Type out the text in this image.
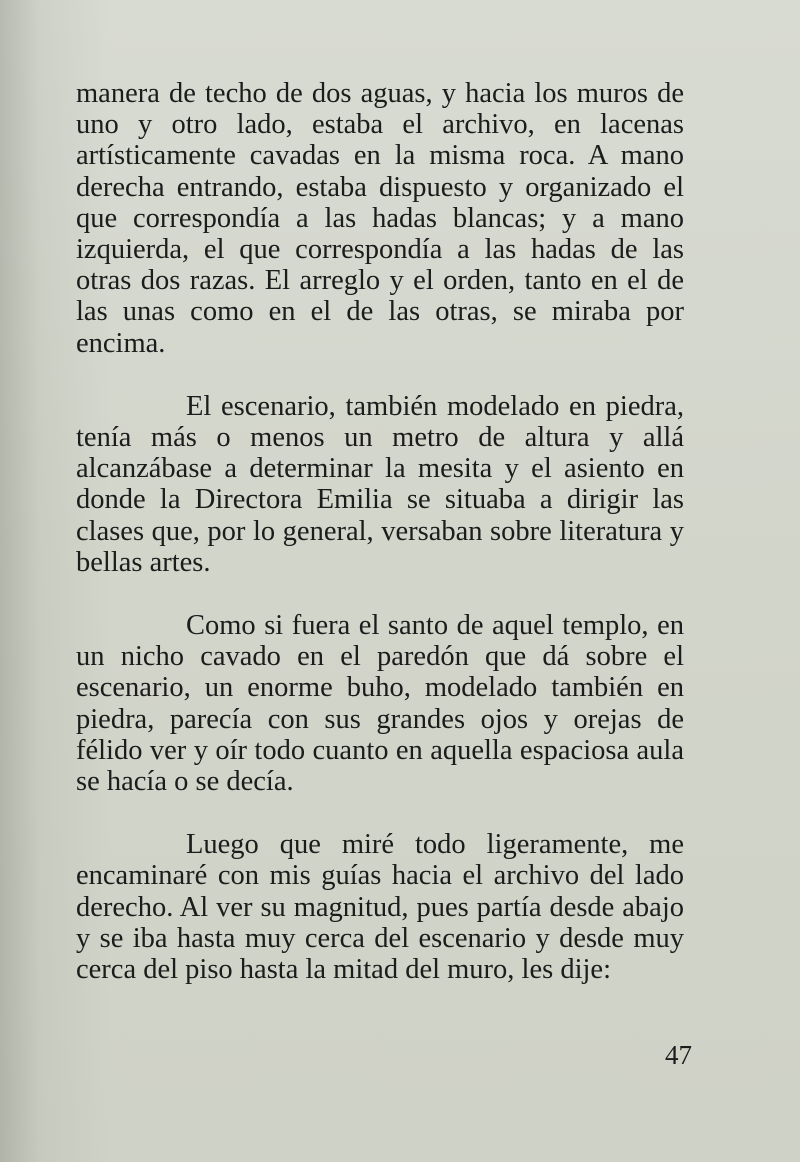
manera de techo de dos aguas, y hacia los muros de uno y otro lado, estaba el archivo, en lacenas artísticamente cavadas en la misma roca. A mano derecha entrando, estaba dispuesto y organizado el que correspondía a las hadas blancas; y a mano izquierda, el que correspondía a las hadas de las otras dos razas. El arreglo y el orden, tanto en el de las unas como en el de las otras, se miraba por encima.

El escenario, también modelado en piedra, tenía más o menos un metro de altura y allá alcanzábase a determinar la mesita y el asiento en donde la Directora Emilia se situaba a dirigir las clases que, por lo general, versaban sobre literatura y bellas artes.

Como si fuera el santo de aquel templo, en un nicho cavado en el paredón que dá sobre el escenario, un enorme buho, modelado también en piedra, parecía con sus grandes ojos y orejas de félido ver y oír todo cuanto en aquella espaciosa aula se hacía o se decía.

Luego que miré todo ligeramente, me encaminaré con mis guías hacia el archivo del lado derecho. Al ver su magnitud, pues partía desde abajo y se iba hasta muy cerca del escenario y desde muy cerca del piso hasta la mitad del muro, les dije:

47
